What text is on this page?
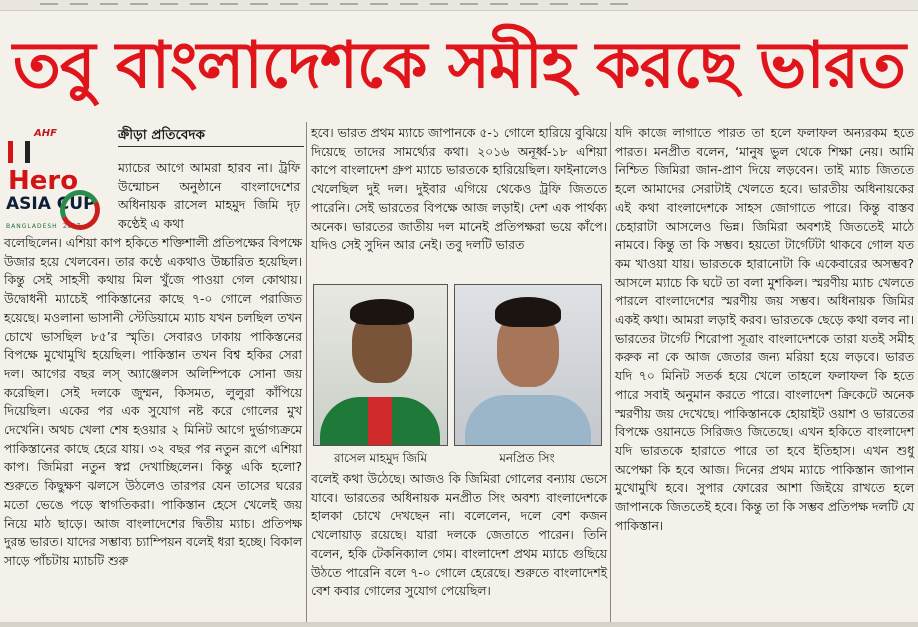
তবু বাংলাদেশকে সমীহ করছে ভারত
AHF
Hero
ASIA CUP
BANGLADESH 2017
ক্রীড়া প্রতিবেদক

ম্যাচের আগে আমরা হারব না। ট্রফি উন্মোচন অনুষ্ঠানে বাংলাদেশের অধিনায়ক রাসেল মাহমুদ জিমি দৃঢ় কণ্ঠেই এ কথা

বলেছিলেন। এশিয়া কাপ হকিতে শক্তিশালী প্রতিপক্ষের বিপক্ষে উজার হয়ে খেলবেন। তার কণ্ঠে একথাও উচ্চারিত হয়েছিল। কিন্তু সেই সাহসী কথায় মিল খুঁজে পাওয়া গেল কোথায়। উদ্বোধনী ম্যাচেই পাকিস্তানের কাছে ৭-০ গোলে পরাজিত হয়েছে। মওলানা ভাসানী স্টেডিয়ামে ম্যাচ যখন চলছিল তখন চোখে ভাসছিল ৮৫’র স্মৃতি। সেবারও ঢাকায় পাকিস্তনের বিপক্ষে মুখোমুখি হয়েছিল। পাকিস্তান তখন বিশ্ব হকির সেরা দল। আগের বছর লস্ অ্যাঞ্জেলস অলিম্পিকে সোনা জয় করেছিল। সেই দলকে জুম্মন, কিসমত, লুলুরা কাঁপিয়ে দিয়েছিল। একের পর এক সুযোগ নষ্ট করে গোলের মুখ দেখেনি। অথচ খেলা শেষ হওয়ার ২ মিনিট আগে দুর্ভাগ্যক্রমে পাকিস্তানের কাছে হেরে যায়। ৩২ বছর পর নতুন রূপে এশিয়া কাপ। জিমিরা নতুন স্বপ্ন দেখাচ্ছিলেন। কিন্তু একি হলো? শুরুতে কিছুক্ষণ ঝলসে উঠলেও তারপর যেন তাসের ঘরের মতো ভেঙে পড়ে স্বাগতিকরা। পাকিস্তান হেসে খেলেই জয় নিয়ে মাঠ ছাড়ে। আজ বাংলাদেশের দ্বিতীয় ম্যাচ। প্রতিপক্ষ দুরন্ত ভারত। যাদের সম্ভাব্য চ্যাম্পিয়ন বলেই ধরা হচ্ছে। বিকাল সাড়ে পাঁচটায় ম্যাচটি শুরু

হবে। ভারত প্রথম ম্যাচে জাপানকে ৫-১ গোলে হারিয়ে বুঝিয়ে দিয়েছে তাদের সামর্থ্যের কথা। ২০১৬ অনূর্ধ্ব-১৮ এশিয়া কাপে বাংলাদেশ গ্রুপ ম্যাচে ভারতকে হারিয়েছিল। ফাইনালেও খেলেছিল দুই দল। দুইবার এগিয়ে থেকেও ট্রফি জিততে পারেনি। সেই ভারতের বিপক্ষে আজ লড়াই। দেশ এক পার্থক্য অনেক। ভারতের জাতীয় দল মানেই প্রতিপক্ষরা ভয়ে কাঁপে। যদিও সেই সুদিন আর নেই। তবু দলটি ভারত

রাসেল মাহমুদ জিমি	মনপ্রিত সিং

বলেই কথা উঠেছে। আজও কি জিমিরা গোলের বন্যায় ভেসে যাবে। ভারতের অধিনায়ক মনপ্রীত সিং অবশ্য বাংলাদেশকে হালকা চোখে দেখছেন না। বলেলেন, দলে বেশ কজন খেলোয়াড় রয়েছে। যারা দলকে জেতাতে পারেন। তিনি বলেন, হকি টেকনিক্যাল গেম। বাংলাদেশ প্রথম ম্যাচে গুছিয়ে উঠতে পারেনি বলে ৭-০ গোলে হেরেছে। শুরুতে বাংলাদেশই বেশ কবার গোলের সুযোগ পেয়েছিল।

যদি কাজে লাগাতে পারত তা হলে ফলাফল অন্যরকম হতে পারত। মনপ্রীত বলেন, ‘মানুষ ভুল থেকে শিক্ষা নেয়। আমি নিশ্চিত জিমিরা জান-প্রাণ দিয়ে লড়বেন। তাই ম্যাচ জিততে হলে আমাদের সেরাটাই খেলতে হবে। ভারতীয় অধিনায়কের এই কথা বাংলাদেশকে সাহস জোগাতে পারে। কিন্তু বাস্তব চেহারাটা আসলেও ভিন্ন। জিমিরা অবশ্যই জিততেই মাঠে নামবে। কিন্তু তা কি সম্ভব। হয়তো টার্গেটটা থাকবে গোল যত কম খাওয়া যায়। ভারতকে হারানোটা কি একেবারের অসম্ভব? আসলে ম্যাচে কি ঘটে তা বলা মুশকিল। স্মরণীয় ম্যাচ খেলতে পারলে বাংলাদেশের স্মরণীয় জয় সম্ভব। অধিনায়ক জিমির একই কথা। আমরা লড়াই করব। ভারতকে ছেড়ে কথা বলব না। ভারতের টার্গেট শিরোপা সূত্রাং বাংলাদেশকে তারা যতই সমীহ করুক না কে আজ জেতার জন্য মরিয়া হয়ে লড়বে। ভারত যদি ৭০ মিনিট সতর্ক হয়ে খেলে তাহলে ফলাফল কি হতে পারে সবাই অনুমান করতে পারে। বাংলাদেশ ক্রিকেটে অনেক স্মরণীয় জয় দেখেছে। পাকিস্তানকে হোয়াইট ওয়াশ ও ভারতের বিপক্ষে ওয়ানডে সিরিজও জিতেছে। এখন হকিতে বাংলাদেশ যদি ভারতকে হারাতে পারে তা হবে ইতিহাস। এখন শুধু অপেক্ষা কি হবে আজ। দিনের প্রথম ম্যাচে পাকিস্তান জাপান মুখোমুখি হবে। সুপার ফোরের আশা জিইয়ে রাখতে হলে জাপানকে জিততেই হবে। কিন্তু তা কি সম্ভব প্রতিপক্ষ দলটি যে পাকিস্তান।
